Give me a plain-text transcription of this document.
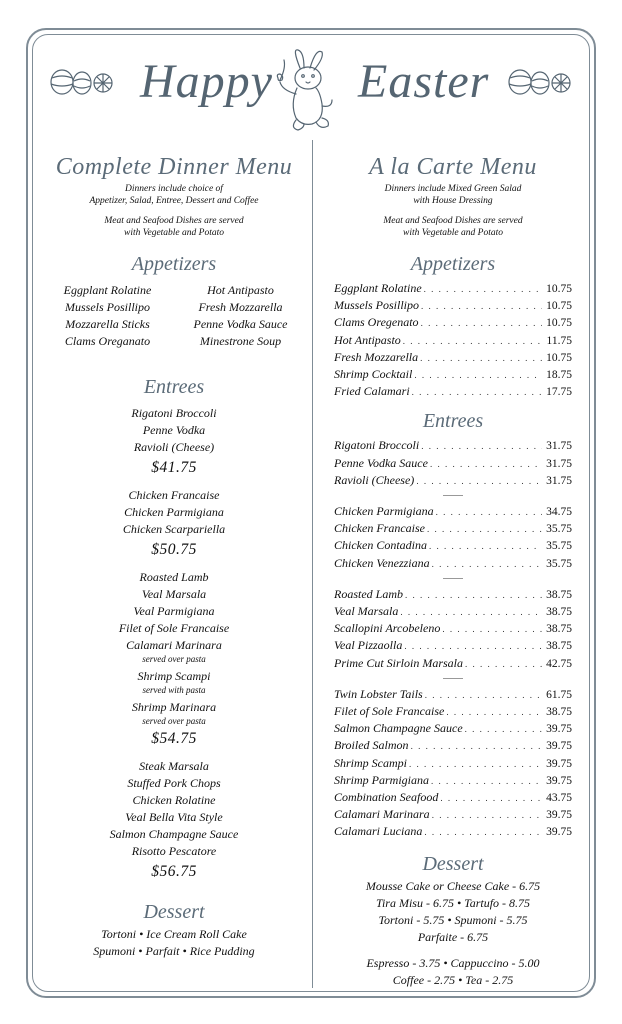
Happy Easter
Complete Dinner Menu
Dinners include choice of
Appetizer, Salad, Entree, Dessert and Coffee
Meat and Seafood Dishes are served
with Vegetable and Potato
Appetizers
Eggplant Rolatine	Hot Antipasto
Mussels Posillipo	Fresh Mozzarella
Mozzarella Sticks	Penne Vodka Sauce
Clams Oreganato	Minestrone Soup
Entrees
Rigatoni Broccoli
Penne Vodka
Ravioli (Cheese)
$41.75
Chicken Francaise
Chicken Parmigiana
Chicken Scarpariella
$50.75
Roasted Lamb
Veal Marsala
Veal Parmigiana
Filet of Sole Francaise
Calamari Marinara
served over pasta
Shrimp Scampi
served with pasta
Shrimp Marinara
served over pasta
$54.75
Steak Marsala
Stuffed Pork Chops
Chicken Rolatine
Veal Bella Vita Style
Salmon Champagne Sauce
Risotto Pescatore
$56.75
Dessert
Tortoni • Ice Cream Roll Cake
Spumoni • Parfait • Rice Pudding
A la Carte Menu
Dinners include Mixed Green Salad
with House Dressing
Meat and Seafood Dishes are served
with Vegetable and Potato
Appetizers
Eggplant Rolatine . . .	10.75
Mussels Posillipo . . .	10.75
Clams Oregenato . . .	10.75
Hot Antipasto . . .	11.75
Fresh Mozzarella . . .	10.75
Shrimp Cocktail . . .	18.75
Fried Calamari . . .	17.75
Entrees
Rigatoni Broccoli . . .	31.75
Penne Vodka Sauce . . .	31.75
Ravioli (Cheese) . . .	31.75
Chicken Parmigiana . . .	34.75
Chicken Francaise . . .	35.75
Chicken Contadina . . .	35.75
Chicken Venezziana . . .	35.75
Roasted Lamb . . .	38.75
Veal Marsala . . .	38.75
Scallopini Arcobeleno . . .	38.75
Veal Pizzaolla . . .	38.75
Prime Cut Sirloin Marsala . . .	42.75
Twin Lobster Tails . . .	61.75
Filet of Sole Francaise . . .	38.75
Salmon Champagne Sauce . . .	39.75
Broiled Salmon . . .	39.75
Shrimp Scampi . . .	39.75
Shrimp Parmigiana . . .	39.75
Combination Seafood . . .	43.75
Calamari Marinara . . .	39.75
Calamari Luciana . . .	39.75
Dessert
Mousse Cake or Cheese Cake - 6.75
Tira Misu - 6.75 • Tartufo - 8.75
Tortoni - 5.75 • Spumoni - 5.75
Parfaite - 6.75
Espresso - 3.75 • Cappuccino - 5.00
Coffee - 2.75 • Tea - 2.75
